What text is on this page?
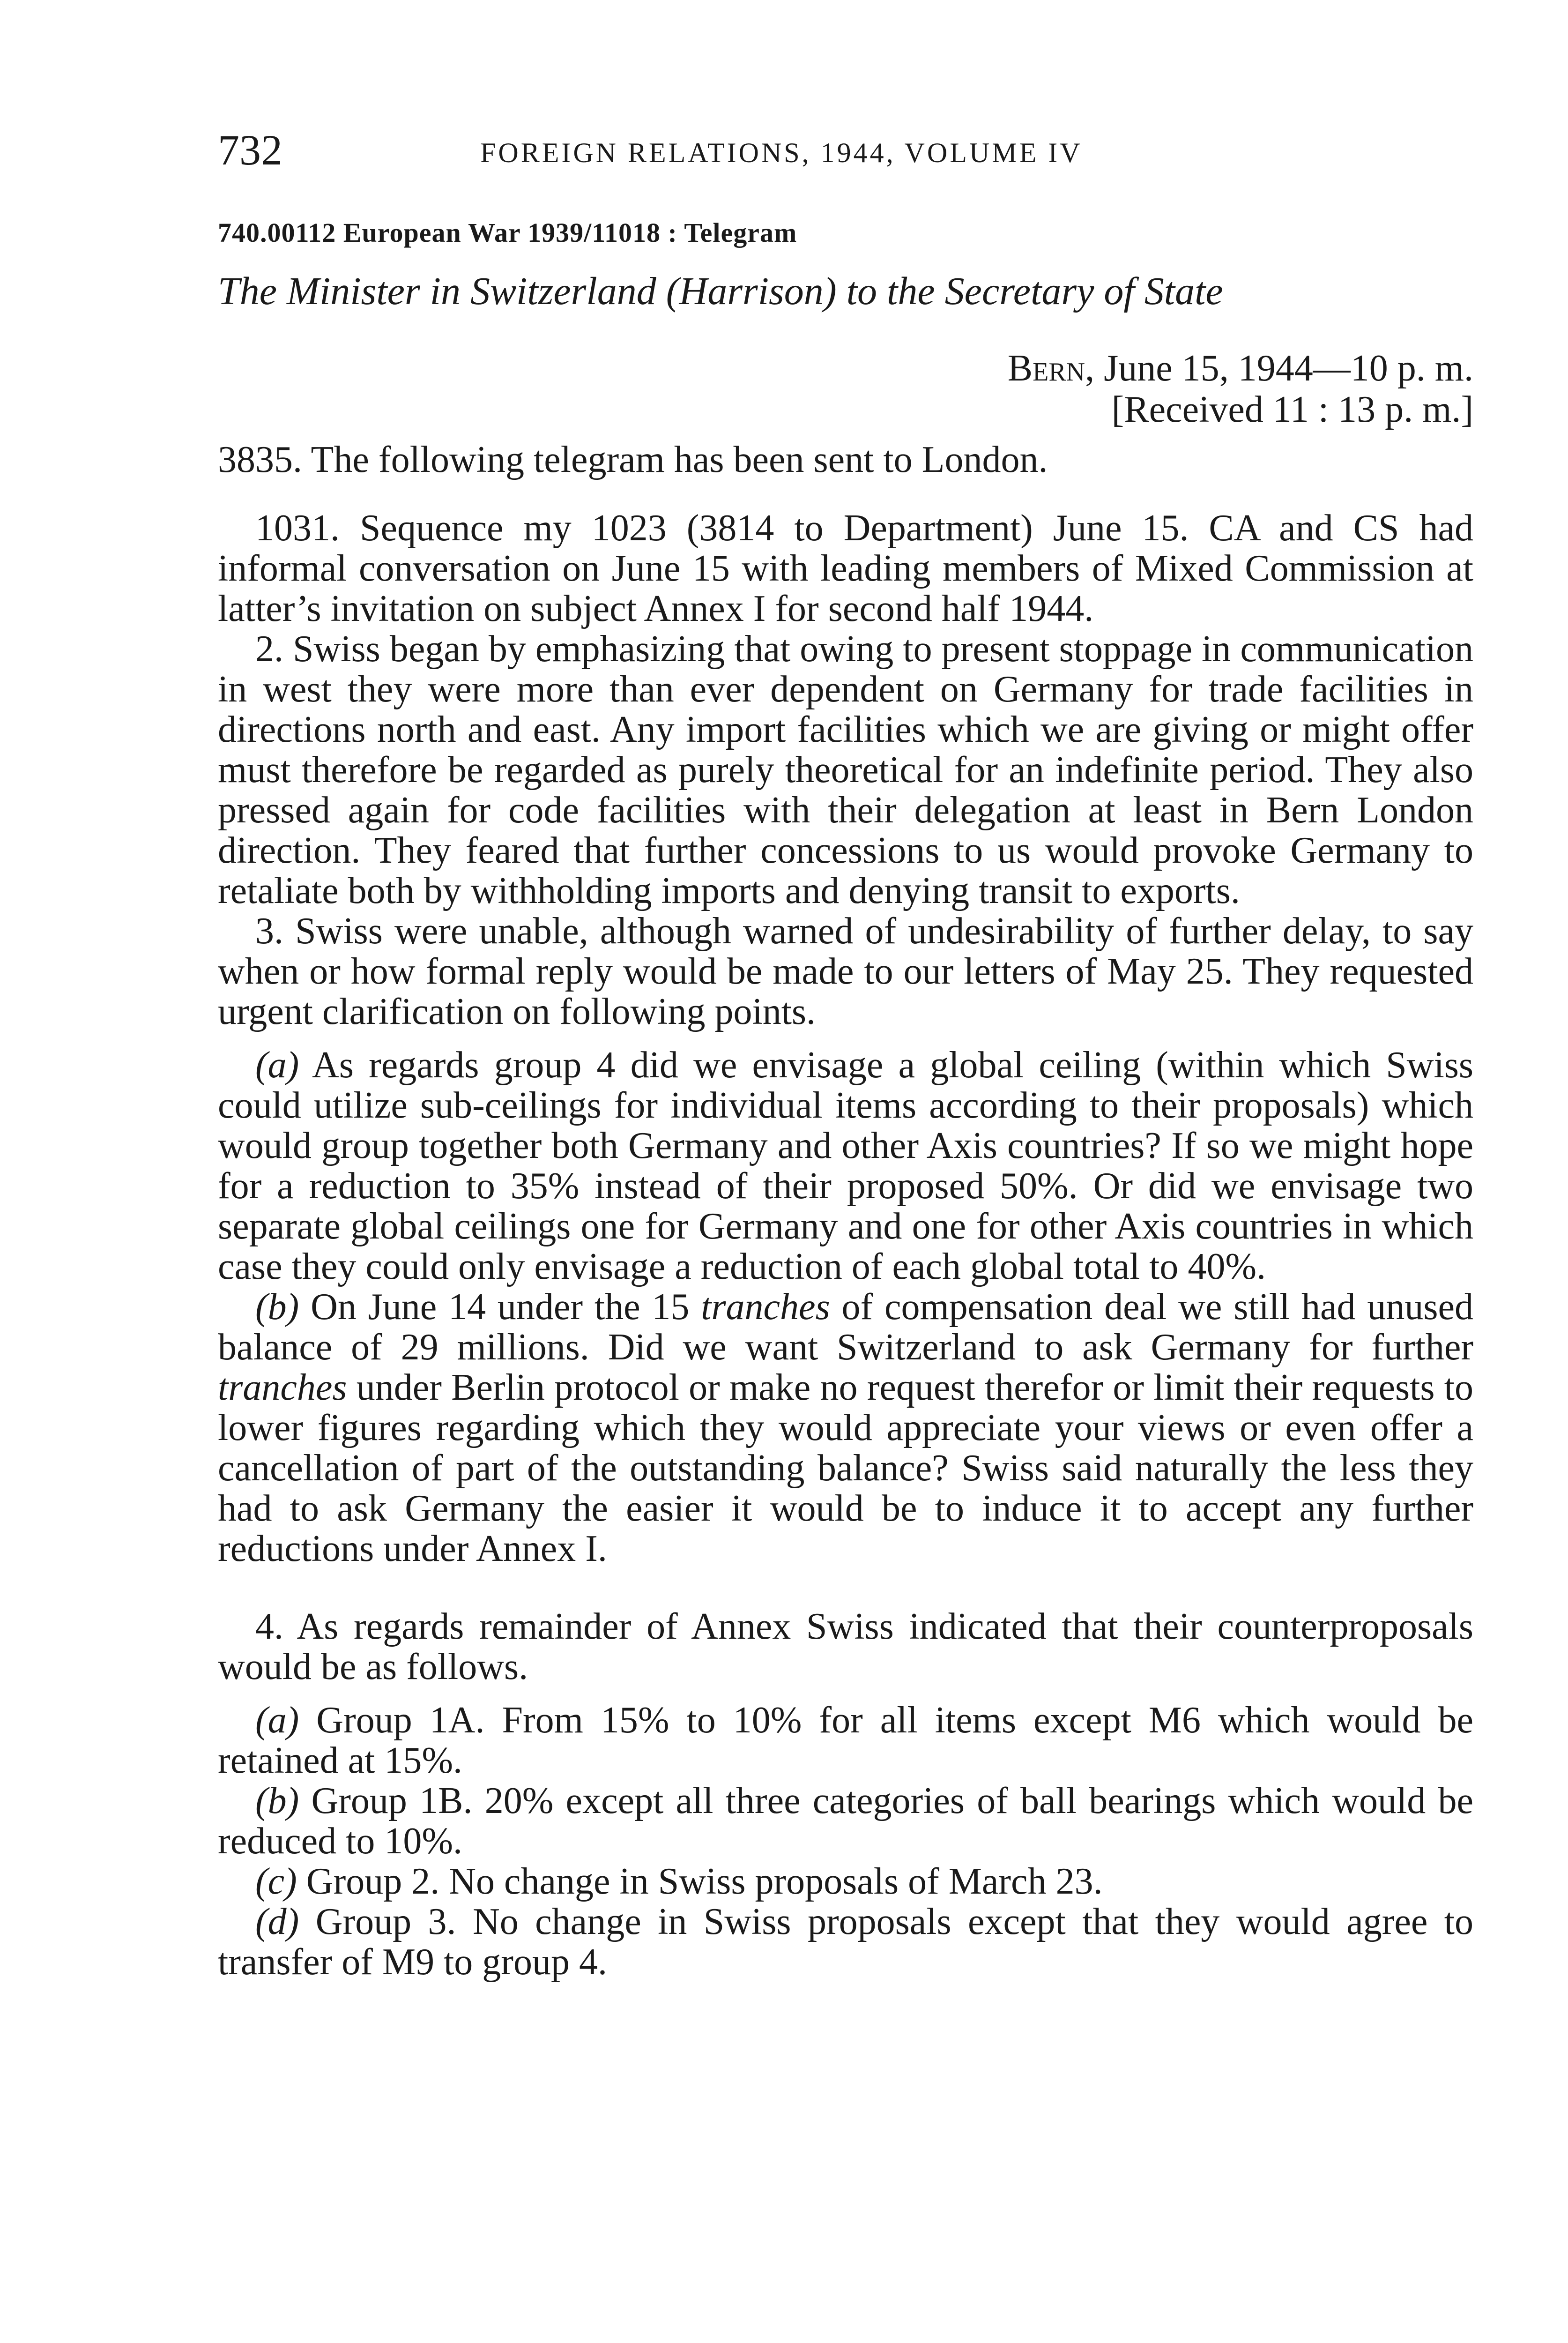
732	FOREIGN RELATIONS, 1944, VOLUME IV
740.00112 European War 1939/11018 : Telegram
The Minister in Switzerland (Harrison) to the Secretary of State
Bern, June 15, 1944—10 p. m.
[Received 11 : 13 p. m.]

3835. The following telegram has been sent to London.

1031. Sequence my 1023 (3814 to Department) June 15. CA and CS had informal conversation on June 15 with leading members of Mixed Commission at latter’s invitation on subject Annex I for second half 1944.

2. Swiss began by emphasizing that owing to present stoppage in communication in west they were more than ever dependent on Germany for trade facilities in directions north and east. Any import facilities which we are giving or might offer must therefore be regarded as purely theoretical for an indefinite period. They also pressed again for code facilities with their delegation at least in Bern London direction. They feared that further concessions to us would provoke Germany to retaliate both by withholding imports and denying transit to exports.

3. Swiss were unable, although warned of undesirability of further delay, to say when or how formal reply would be made to our letters of May 25. They requested urgent clarification on following points.

(a) As regards group 4 did we envisage a global ceiling (within which Swiss could utilize sub-ceilings for individual items according to their proposals) which would group together both Germany and other Axis countries? If so we might hope for a reduction to 35% instead of their proposed 50%. Or did we envisage two separate global ceilings one for Germany and one for other Axis countries in which case they could only envisage a reduction of each global total to 40%.

(b) On June 14 under the 15 tranches of compensation deal we still had unused balance of 29 millions. Did we want Switzerland to ask Germany for further tranches under Berlin protocol or make no request therefor or limit their requests to lower figures regarding which they would appreciate your views or even offer a cancellation of part of the outstanding balance? Swiss said naturally the less they had to ask Germany the easier it would be to induce it to accept any further reductions under Annex I.

4. As regards remainder of Annex Swiss indicated that their counterproposals would be as follows.

(a) Group 1A. From 15% to 10% for all items except M6 which would be retained at 15%.

(b) Group 1B. 20% except all three categories of ball bearings which would be reduced to 10%.

(c) Group 2. No change in Swiss proposals of March 23.

(d) Group 3. No change in Swiss proposals except that they would agree to transfer of M9 to group 4.
